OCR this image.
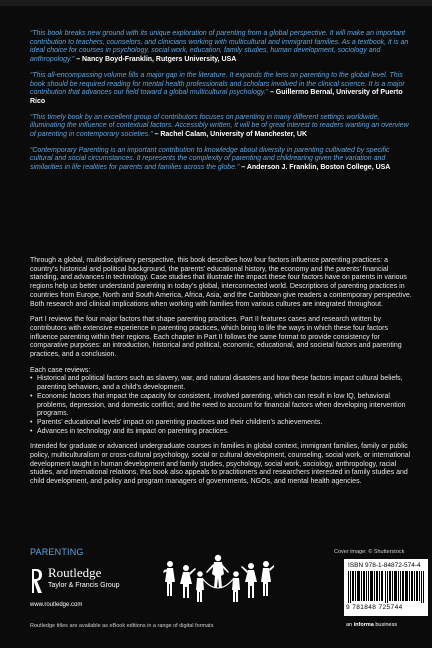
“This book breaks new ground with its unique exploration of parenting from a global perspective. It will make an important contribution to teachers, counselors, and clinicians working with multicultural and immigrant families. As a textbook, it is an ideal choice for courses in psychology, social work, education, family studies, human development, sociology and anthropology.” – Nancy Boyd-Franklin, Rutgers University, USA

“This all-encompassing volume fills a major gap in the literature. It expands the lens on parenting to the global level. This book should be required reading for mental health professionals and scholars involved in the clinical science. It is a major contribution that advances our field toward a global multicultural psychology.” – Guillermo Bernal, University of Puerto Rico

“This timely book by an excellent group of contributors focuses on parenting in many different settings worldwide, illuminating the influence of contextual factors. Accessibly written, it will be of great interest to readers wanting an overview of parenting in contemporary societies.” – Rachel Calam, University of Manchester, UK

“Contemporary Parenting is an important contribution to knowledge about diversity in parenting cultivated by specific cultural and social circumstances. It represents the complexity of parenting and childrearing given the variation and similarities in life realities for parents and families across the globe.” – Anderson J. Franklin, Boston College, USA

Through a global, multidisciplinary perspective, this book describes how four factors influence parenting practices: a country’s historical and political background, the parents’ educational history, the economy and the parents’ financial standing, and advances in technology. Case studies that illustrate the impact these four factors have on parents in various regions help us better understand parenting in today’s global, interconnected world. Descriptions of parenting practices in countries from Europe, North and South America, Africa, Asia, and the Caribbean give readers a contemporary perspective. Both research and clinical implications when working with families from various cultures are integrated throughout.

Part I reviews the four major factors that shape parenting practices. Part II features cases and research written by contributors with extensive experience in parenting practices, which bring to life the ways in which these four factors influence parenting within their regions. Each chapter in Part II follows the same format to provide consistency for comparative purposes: an introduction, historical and political, economic, educational, and societal factors and parenting practices, and a conclusion.

Each case reviews:

• Historical and political factors such as slavery, war, and natural disasters and how these factors impact cultural beliefs, parenting behaviors, and a child’s development.
• Economic factors that impact the capacity for consistent, involved parenting, which can result in low IQ, behavioral problems, depression, and domestic conflict, and the need to account for financial factors when developing intervention programs.
• Parents’ educational levels’ impact on parenting practices and their children’s achievements.
• Advances in technology and its impact on parenting practices.

Intended for graduate or advanced undergraduate courses in families in global context, immigrant families, family or public policy, multiculturalism or cross-cultural psychology, social or cultural development, counseling, social work, or international development taught in human development and family studies, psychology, social work, sociology, anthropology, racial studies, and international relations, this book also appeals to practitioners and researchers interested in family studies and child development, and policy and program managers of governments, NGOs, and mental health agencies.

PARENTING
Routledge
Taylor & Francis Group
www.routledge.com
Routledge titles are available as eBook editions in a range of digital formats
Cover image: © Shutterstock
ISBN 978-1-84872-574-4
9 781848 725744
an informa business
